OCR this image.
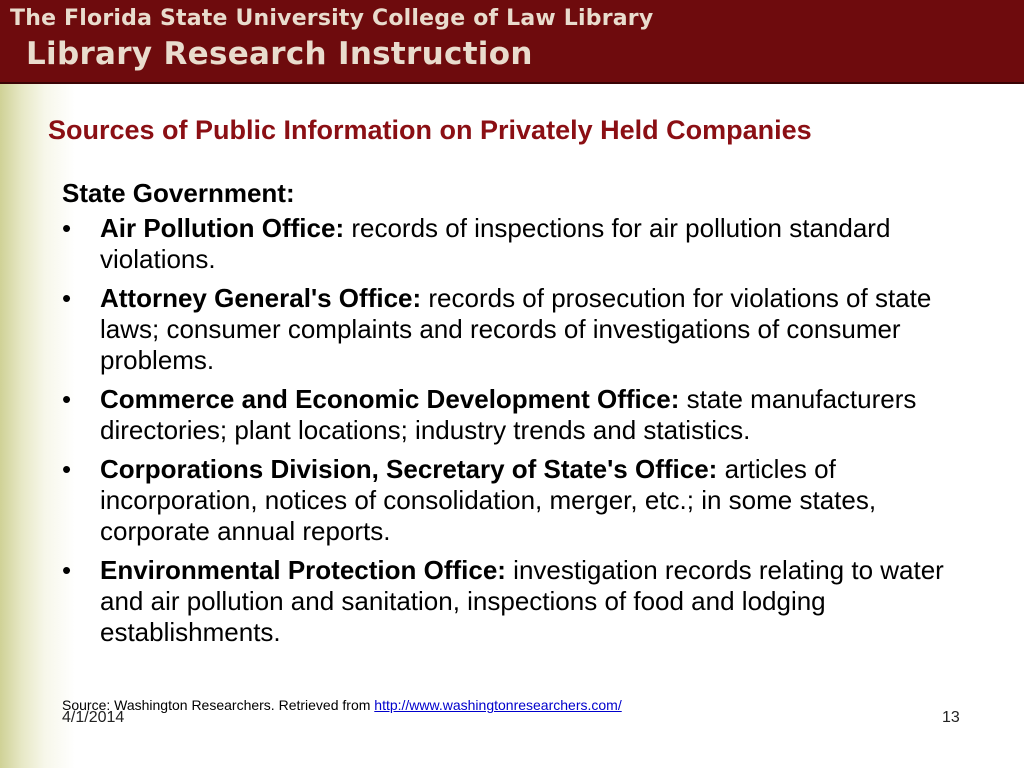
The Florida State University College of Law Library
Library Research Instruction
Sources of Public Information on Privately Held Companies
State Government:
• Air Pollution Office: records of inspections for air pollution standard violations.
• Attorney General's Office: records of prosecution for violations of state laws; consumer complaints and records of investigations of consumer problems.
• Commerce and Economic Development Office: state manufacturers directories; plant locations; industry trends and statistics.
• Corporations Division, Secretary of State's Office: articles of incorporation, notices of consolidation, merger, etc.; in some states, corporate annual reports.
• Environmental Protection Office: investigation records relating to water and air pollution and sanitation, inspections of food and lodging establishments.
Source: Washington Researchers. Retrieved from http://www.washingtonresearchers.com/
4/1/2014	13
